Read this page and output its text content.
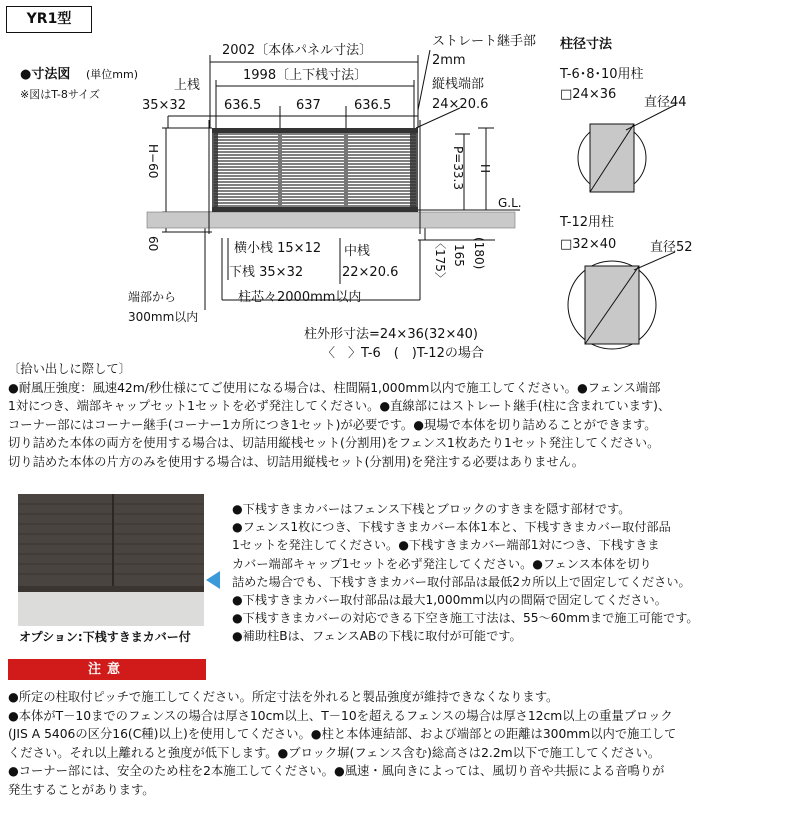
YR1型
●寸法図 (単位mm)
※図はT-8サイズ
2002〔本体パネル寸法〕
1998〔上下桟寸法〕
上桟
35×32	636.5	637	636.5
ストレート継手部
2mm
縦桟端部
24×20.6
H−60
60
P=33.3 H
G.L.
横小桟 15×12
下桟 35×32
中桟
22×20.6	〈175〉 165 (180)
柱芯々2000mm以内
端部から
300mm以内
柱外形寸法=24×36(32×40)
〈　〉T-6　(　)T-12の場合
柱径寸法
T-6･8･10用柱
□24×36
直径44
T-12用柱
□32×40	直径52

〔拾い出しに際して〕

●耐風圧強度：風速42m/秒仕様にてご使用になる場合は、柱間隔1,000mm以内で施工してください。●フェンス端部

1対につき、端部キャップセット1セットを必ず発注してください。●直線部にはストレート継手(柱に含まれています)、

コーナー部にはコーナー継手(コーナー1カ所につき1セット)が必要です。●現場で本体を切り詰めることができます。

切り詰めた本体の両方を使用する場合は、切詰用縦桟セット(分割用)をフェンス1枚あたり1セット発注してください。

切り詰めた本体の片方のみを使用する場合は、切詰用縦桟セット(分割用)を発注する必要はありません。

オプション:下桟すきまカバー付

●下桟すきまカバーはフェンス下桟とブロックのすきまを隠す部材です。

●フェンス1枚につき、下桟すきまカバー本体1本と、下桟すきまカバー取付部品

1セットを発注してください。●下桟すきまカバー端部1対につき、下桟すきま

カバー端部キャップ1セットを必ず発注してください。●フェンス本体を切り

詰めた場合でも、下桟すきまカバー取付部品は最低2カ所以上で固定してください。

●下桟すきまカバー取付部品は最大1,000mm以内の間隔で固定してください。

●下桟すきまカバーの対応できる下空き施工寸法は、55〜60mmまで施工可能です。

●補助柱Bは、フェンスABの下桟に取付が可能です。

注意

●所定の柱取付ピッチで施工してください。所定寸法を外れると製品強度が維持できなくなります。

●本体がT－10までのフェンスの場合は厚さ10cm以上、T－10を超えるフェンスの場合は厚さ12cm以上の重量ブロック

(JIS A 5406の区分16(C種)以上)を使用してください。●柱と本体連結部、および端部との距離は300mm以内で施工して

ください。それ以上離れると強度が低下します。●ブロック塀(フェンス含む)総高さは2.2m以下で施工してください。

●コーナー部には、安全のため柱を2本施工してください。●風速・風向きによっては、風切り音や共振による音鳴りが

発生することがあります。
